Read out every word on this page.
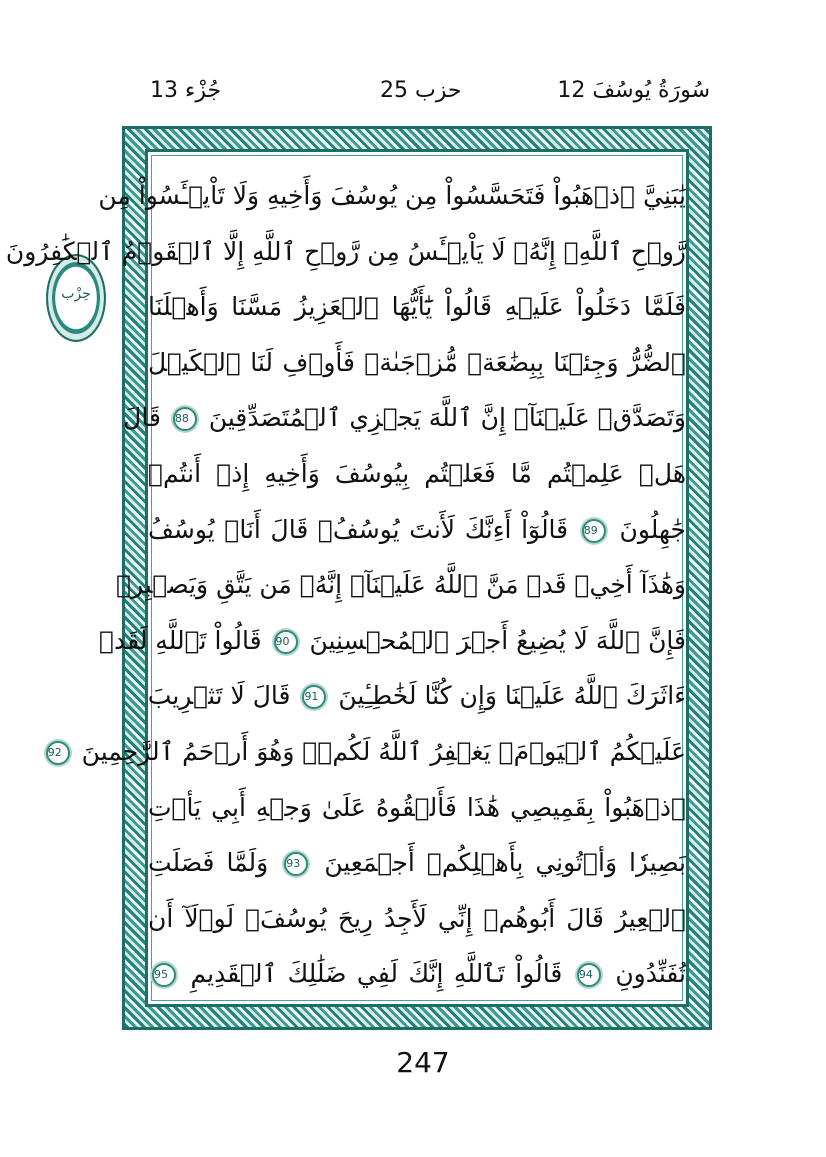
جُزْء 13	حزب 25	12 سُورَةُ يُوسُفَ
حِزْب
يَٰبَنِيَّ ٱذۡهَبُواْ فَتَحَسَّسُواْ مِن يُوسُفَ وَأَخِيهِ وَلَا تَاْيۡـَٔسُواْ مِن
رَّوۡحِ ٱللَّهِۖ إِنَّهُۥ لَا يَاْيۡـَٔسُ مِن رَّوۡحِ ٱللَّهِ إِلَّا ٱلۡقَوۡمُ ٱلۡكَٰفِرُونَ
فَلَمَّا دَخَلُواْ عَلَيۡهِ قَالُواْ يَٰٓأَيُّهَا ٱلۡعَزِيزُ مَسَّنَا وَأَهۡلَنَا
ٱلضُّرُّ وَجِئۡنَا بِبِضَٰعَةٖ مُّزۡجَىٰةٖ فَأَوۡفِ لَنَا ٱلۡكَيۡلَ
وَتَصَدَّقۡ عَلَيۡنَآۖ إِنَّ ٱللَّهَ يَجۡزِي ٱلۡمُتَصَدِّقِينَ 88 قَالَ
هَلۡ عَلِمۡتُم مَّا فَعَلۡتُم بِيُوسُفَ وَأَخِيهِ إِذۡ أَنتُمۡ
جَٰهِلُونَ 89 قَالُوٓاْ أَءِنَّكَ لَأَنتَ يُوسُفُۖ قَالَ أَنَا۠ يُوسُفُ
وَهَٰذَآ أَخِيۖ قَدۡ مَنَّ ٱللَّهُ عَلَيۡنَآۖ إِنَّهُۥ مَن يَتَّقِ وَيَصۡبِرۡ
فَإِنَّ ٱللَّهَ لَا يُضِيعُ أَجۡرَ ٱلۡمُحۡسِنِينَ 90 قَالُواْ تَٱللَّهِ لَقَدۡ
ءَاثَرَكَ ٱللَّهُ عَلَيۡنَا وَإِن كُنَّا لَخَٰطِـِٔينَ 91 قَالَ لَا تَثۡرِيبَ
عَلَيۡكُمُ ٱلۡيَوۡمَۖ يَغۡفِرُ ٱللَّهُ لَكُمۡۖ وَهُوَ أَرۡحَمُ ٱلرَّٰحِمِينَ 92
ٱذۡهَبُواْ بِقَمِيصِي هَٰذَا فَأَلۡقُوهُ عَلَىٰ وَجۡهِ أَبِي يَأۡتِ
بَصِيرٗا وَأۡتُونِي بِأَهۡلِكُمۡ أَجۡمَعِينَ 93 وَلَمَّا فَصَلَتِ
ٱلۡعِيرُ قَالَ أَبُوهُمۡ إِنِّي لَأَجِدُ رِيحَ يُوسُفَۖ لَوۡلَآ أَن
تُفَنِّدُونِ 94 قَالُواْ تَٱللَّهِ إِنَّكَ لَفِي ضَلَٰلِكَ ٱلۡقَدِيمِ 95
247
